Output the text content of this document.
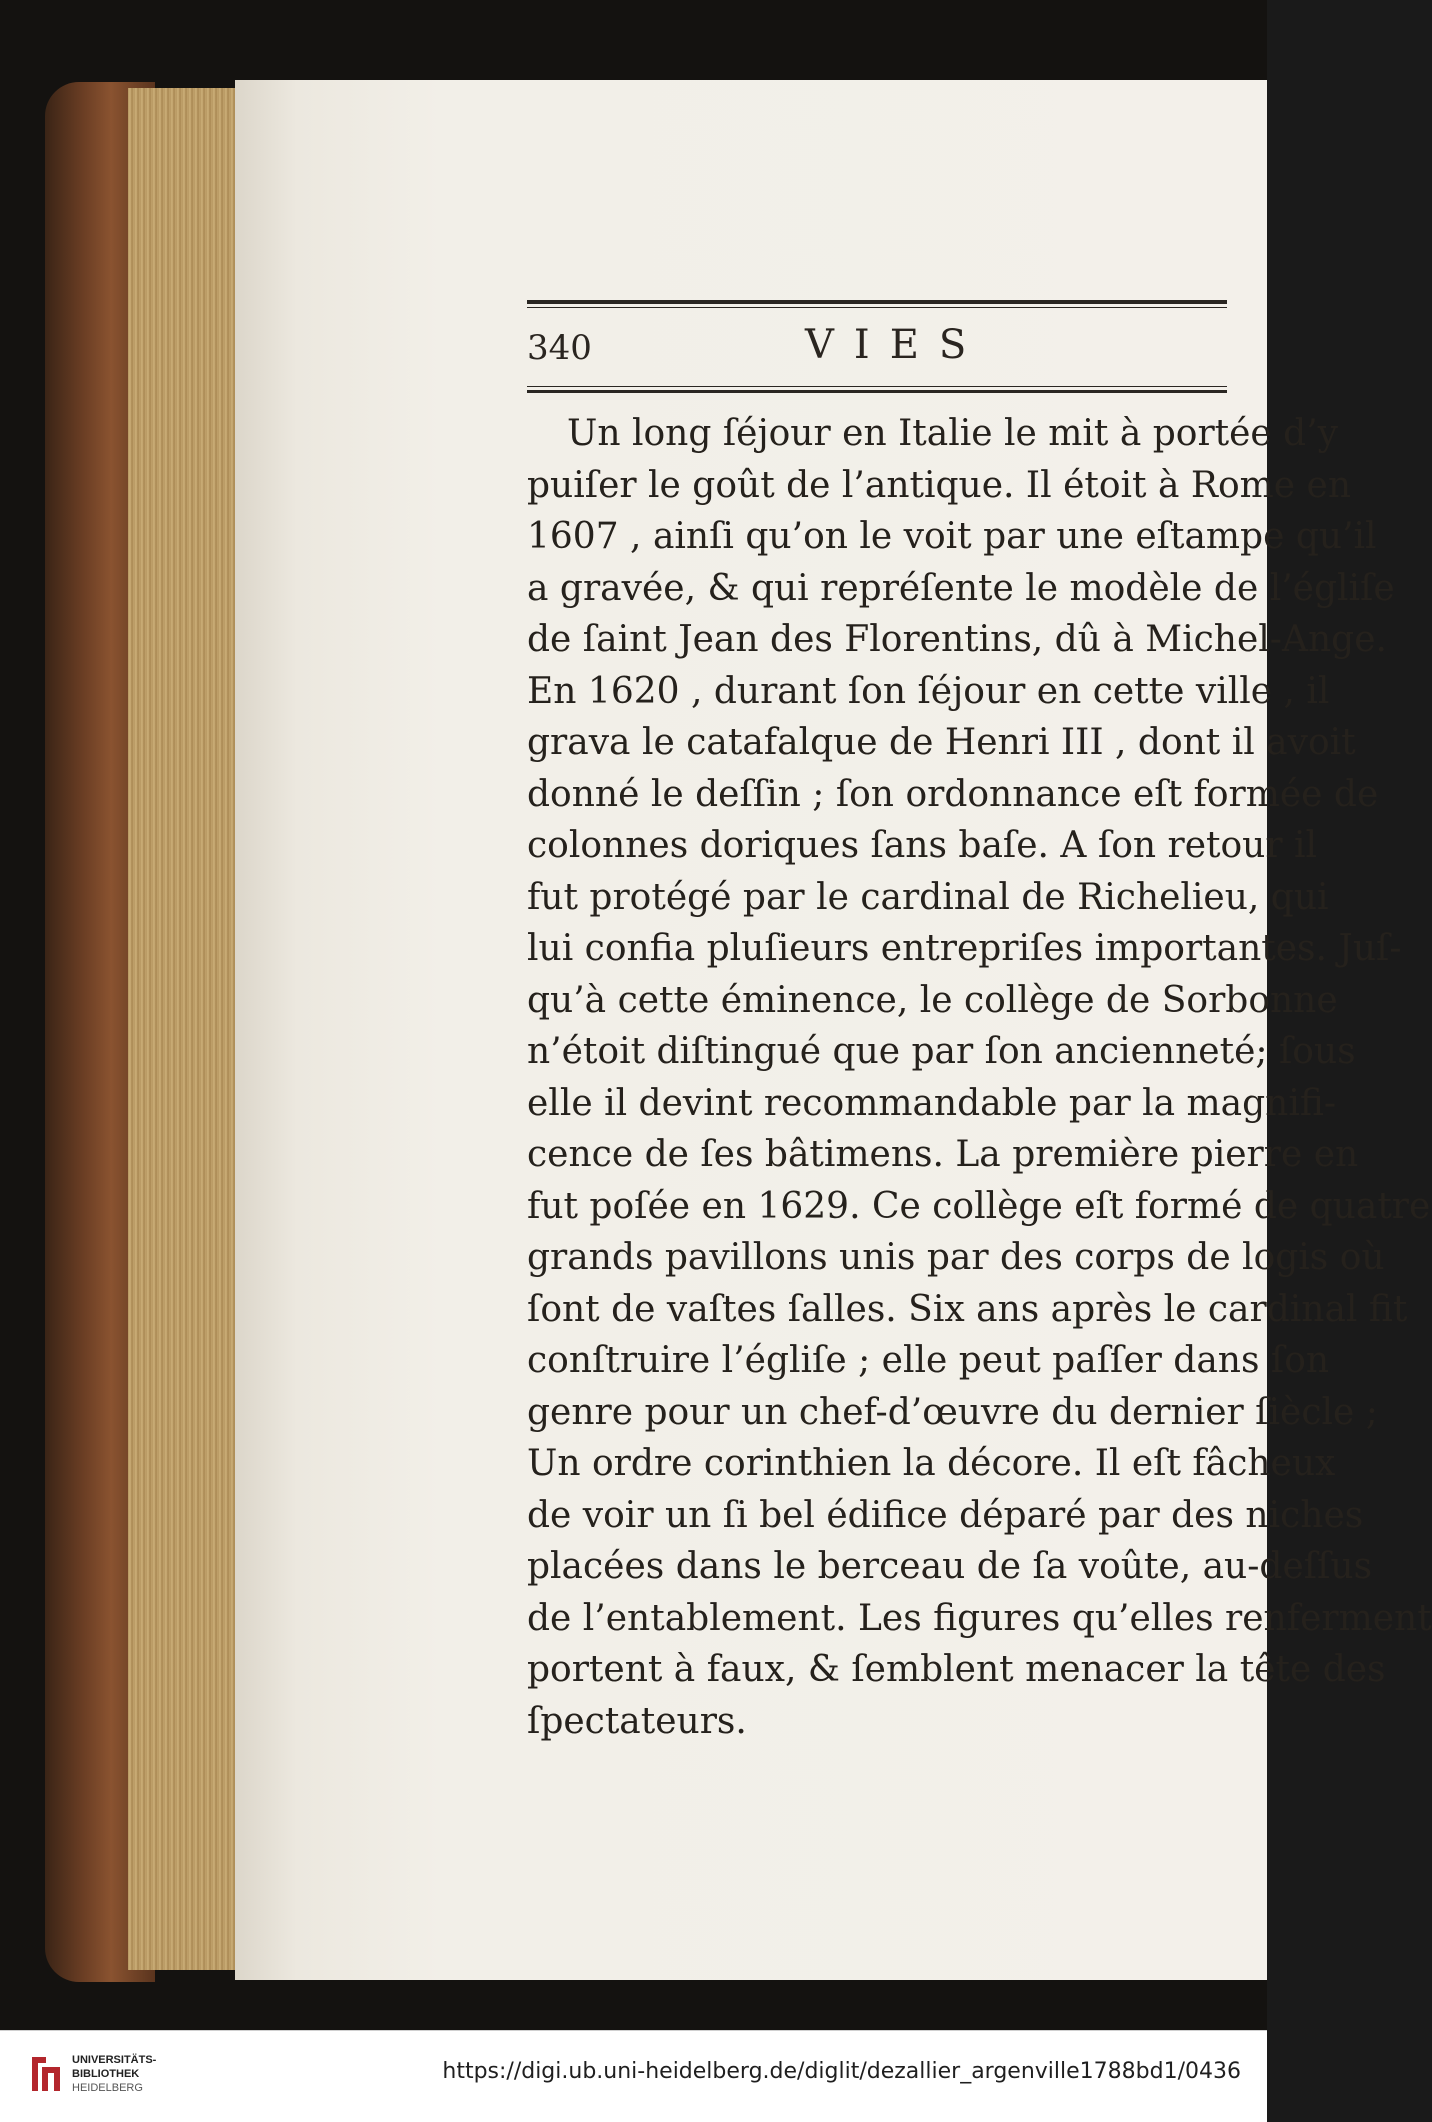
340	VIES
Un long ſéjour en Italie le mit à portée d’y
puiſer le goût de l’antique. Il étoit à Rome en
1607 , ainſi qu’on le voit par une eſtampe qu’il
a gravée, & qui repréſente le modèle de l’égliſe
de ſaint Jean des Florentins, dû à Michel-Ange.
En 1620 , durant ſon ſéjour en cette ville , il
grava le catafalque de Henri III , dont il avoit
donné le deſſin ; ſon ordonnance eſt formée de
colonnes doriques ſans baſe. A ſon retour il
fut protégé par le cardinal de Richelieu, qui
lui confia pluſieurs entrepriſes importantes. Juſ-
qu’à cette éminence, le collège de Sorbonne
n’étoit diſtingué que par ſon ancienneté; ſous
elle il devint recommandable par la magnifi-
cence de ſes bâtimens. La première pierre en
fut poſée en 1629. Ce collège eſt formé de quatre
grands pavillons unis par des corps de logis où
ſont de vaſtes ſalles. Six ans après le cardinal fit
conſtruire l’égliſe ; elle peut paſſer dans ſon
genre pour un chef-d’œuvre du dernier ſiècle ;
Un ordre corinthien la décore. Il eſt fâcheux
de voir un ſi bel édifice déparé par des niches
placées dans le berceau de ſa voûte, au-deſſus
de l’entablement. Les figures qu’elles renferment
portent à faux, & ſemblent menacer la tête des
ſpectateurs.
UNIVERSITÄTS-
BIBLIOTHEK
HEIDELBERG
https://digi.ub.uni-heidelberg.de/diglit/dezallier_argenville1788bd1/0436
